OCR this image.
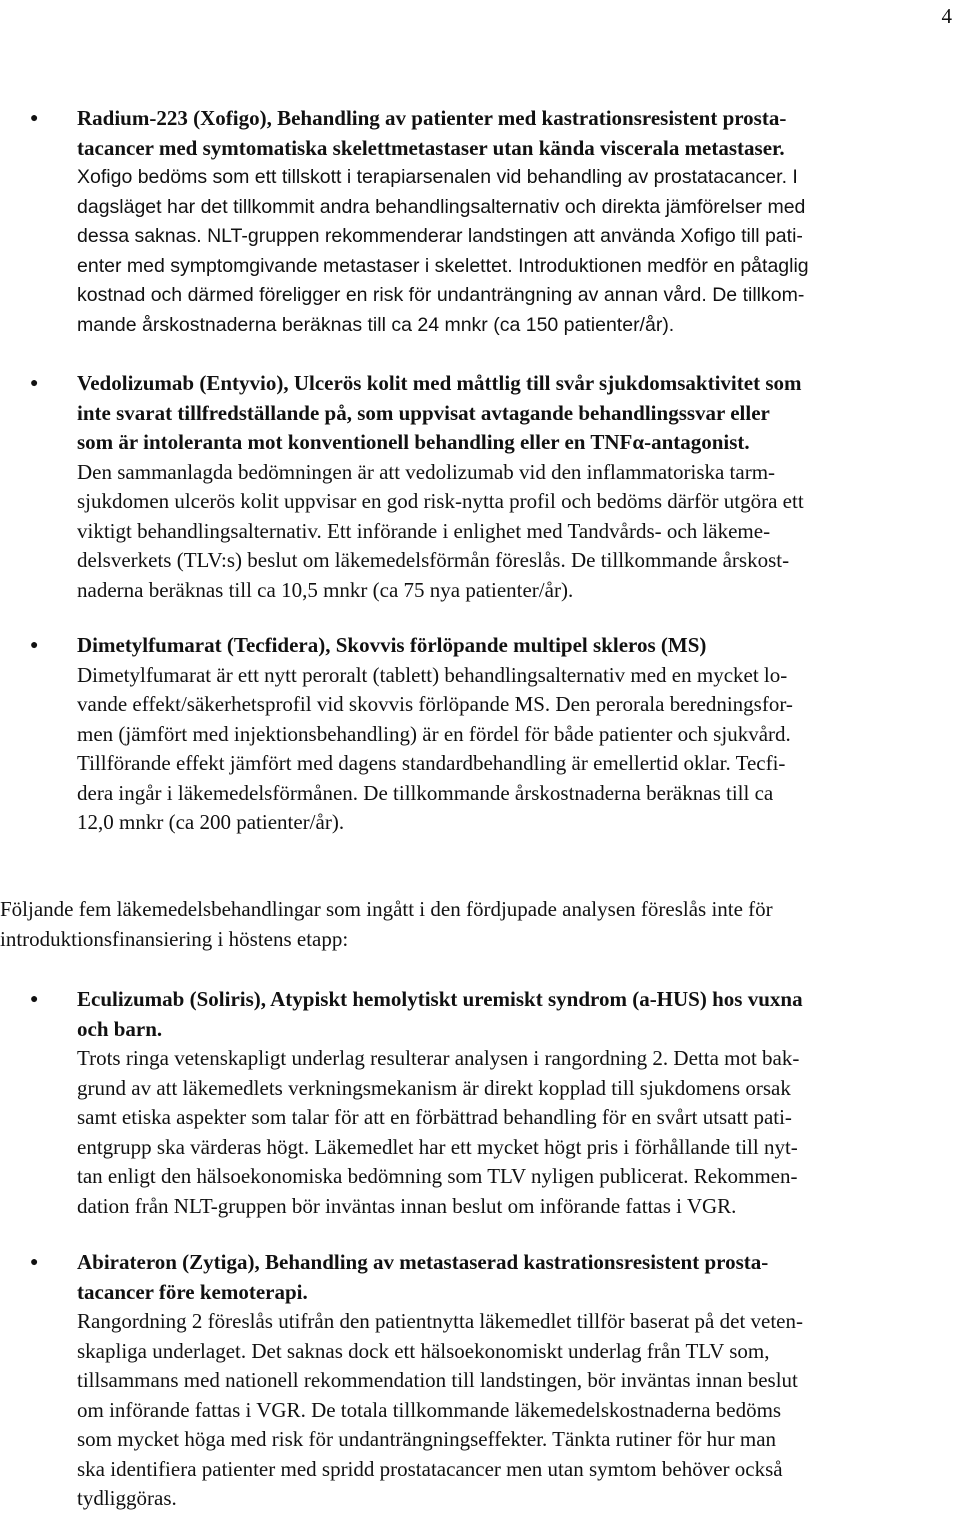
4
● Radium-223 (Xofigo), Behandling av patienter med kastrationsresistent prosta-
tacancer med symtomatiska skelettmetastaser utan kända viscerala metastaser.
Xofigo bedöms som ett tillskott i terapiarsenalen vid behandling av prostatacancer. I
dagsläget har det tillkommit andra behandlingsalternativ och direkta jämförelser med
dessa saknas. NLT-gruppen rekommenderar landstingen att använda Xofigo till pati-
enter med symptomgivande metastaser i skelettet. Introduktionen medför en påtaglig
kostnad och därmed föreligger en risk för undanträngning av annan vård. De tillkom-
mande årskostnaderna beräknas till ca 24 mnkr (ca 150 patienter/år).
● Vedolizumab (Entyvio), Ulcerös kolit med måttlig till svår sjukdomsaktivitet som
inte svarat tillfredställande på, som uppvisat avtagande behandlingssvar eller
som är intoleranta mot konventionell behandling eller en TNFα-antagonist.
Den sammanlagda bedömningen är att vedolizumab vid den inflammatoriska tarm-
sjukdomen ulcerös kolit uppvisar en god risk-nytta profil och bedöms därför utgöra ett
viktigt behandlingsalternativ. Ett införande i enlighet med Tandvårds- och läkeme-
delsverkets (TLV:s) beslut om läkemedelsförmån föreslås. De tillkommande årskost-
naderna beräknas till ca 10,5 mnkr (ca 75 nya patienter/år).
● Dimetylfumarat (Tecfidera), Skovvis förlöpande multipel skleros (MS)
Dimetylfumarat är ett nytt peroralt (tablett) behandlingsalternativ med en mycket lo-
vande effekt/säkerhetsprofil vid skovvis förlöpande MS. Den perorala beredningsfor-
men (jämfört med injektionsbehandling) är en fördel för både patienter och sjukvård.
Tillförande effekt jämfört med dagens standardbehandling är emellertid oklar. Tecfi-
dera ingår i läkemedelsförmånen. De tillkommande årskostnaderna beräknas till ca
12,0 mnkr (ca 200 patienter/år).
Följande fem läkemedelsbehandlingar som ingått i den fördjupade analysen föreslås inte för
introduktionsfinansiering i höstens etapp:
● Eculizumab (Soliris), Atypiskt hemolytiskt uremiskt syndrom (a-HUS) hos vuxna
och barn.
Trots ringa vetenskapligt underlag resulterar analysen i rangordning 2. Detta mot bak-
grund av att läkemedlets verkningsmekanism är direkt kopplad till sjukdomens orsak
samt etiska aspekter som talar för att en förbättrad behandling för en svårt utsatt pati-
entgrupp ska värderas högt. Läkemedlet har ett mycket högt pris i förhållande till nyt-
tan enligt den hälsoekonomiska bedömning som TLV nyligen publicerat. Rekommen-
dation från NLT-gruppen bör inväntas innan beslut om införande fattas i VGR.
● Abirateron (Zytiga), Behandling av metastaserad kastrationsresistent prosta-
tacancer före kemoterapi.
Rangordning 2 föreslås utifrån den patientnytta läkemedlet tillför baserat på det veten-
skapliga underlaget. Det saknas dock ett hälsoekonomiskt underlag från TLV som,
tillsammans med nationell rekommendation till landstingen, bör inväntas innan beslut
om införande fattas i VGR. De totala tillkommande läkemedelskostnaderna bedöms
som mycket höga med risk för undanträngningseffekter. Tänkta rutiner för hur man
ska identifiera patienter med spridd prostatacancer men utan symtom behöver också
tydliggöras.
